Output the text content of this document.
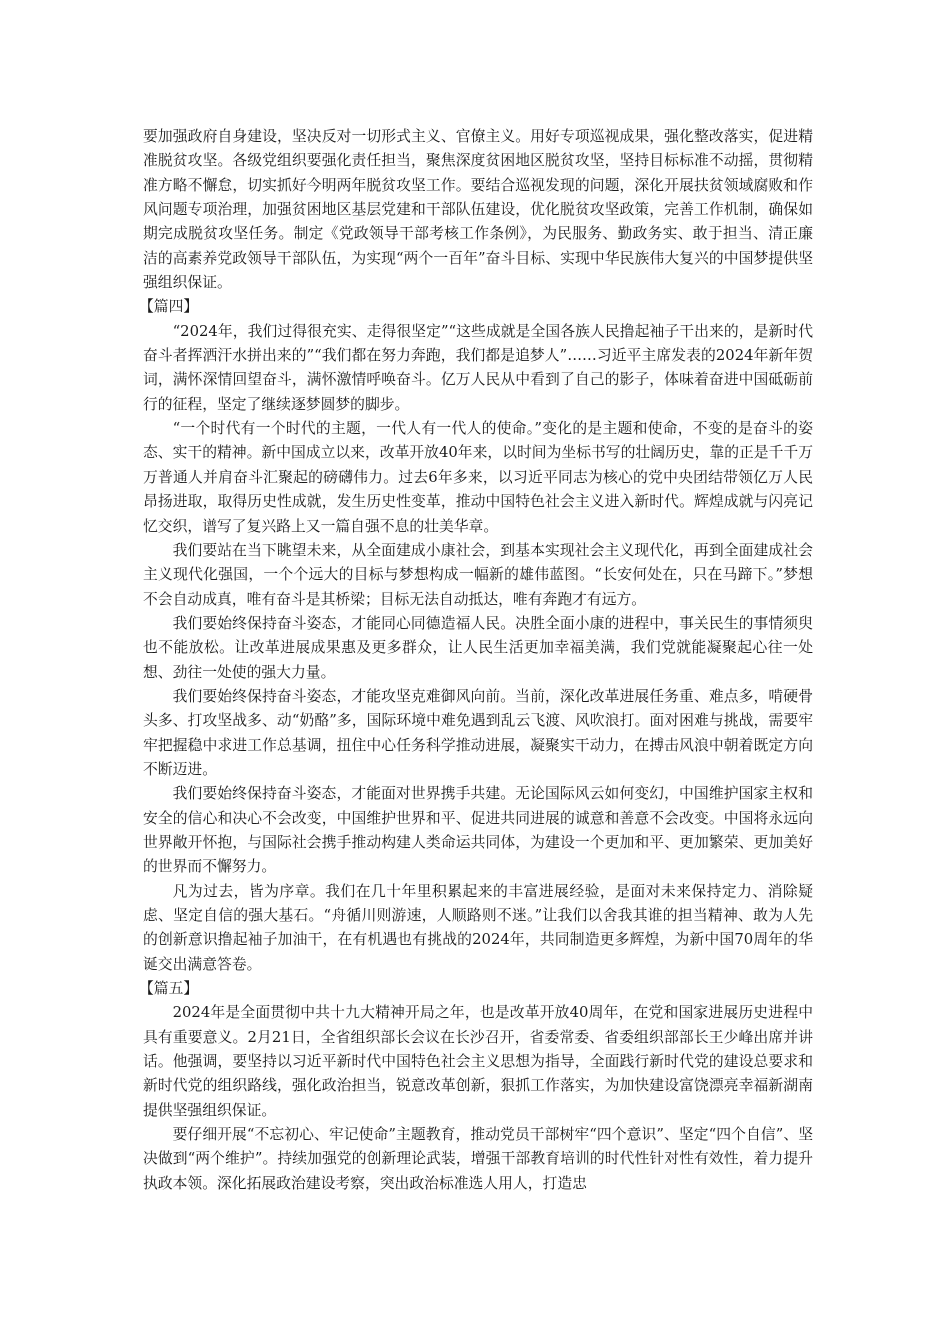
要加强政府自身建设，坚决反对一切形式主义、官僚主义。用好专项巡视成果，强化整改落实，促进精准脱贫攻坚。各级党组织要强化责任担当，聚焦深度贫困地区脱贫攻坚，坚持目标标准不动摇，贯彻精准方略不懈怠，切实抓好今明两年脱贫攻坚工作。要结合巡视发现的问题，深化开展扶贫领域腐败和作风问题专项治理，加强贫困地区基层党建和干部队伍建设，优化脱贫攻坚政策，完善工作机制，确保如期完成脱贫攻坚任务。制定《党政领导干部考核工作条例》，为民服务、勤政务实、敢于担当、清正廉洁的高素养党政领导干部队伍，为实现“两个一百年”奋斗目标、实现中华民族伟大复兴的中国梦提供坚强组织保证。

【篇四】

“2024年，我们过得很充实、走得很坚定”“这些成就是全国各族人民撸起袖子干出来的，是新时代奋斗者挥洒汗水拼出来的”“我们都在努力奔跑，我们都是追梦人”……习近平主席发表的2024年新年贺词，满怀深情回望奋斗，满怀激情呼唤奋斗。亿万人民从中看到了自己的影子，体味着奋进中国砥砺前行的征程，坚定了继续逐梦圆梦的脚步。

“一个时代有一个时代的主题，一代人有一代人的使命。”变化的是主题和使命，不变的是奋斗的姿态、实干的精神。新中国成立以来，改革开放40年来，以时间为坐标书写的壮阔历史，靠的正是千千万万普通人并肩奋斗汇聚起的磅礴伟力。过去6年多来，以习近平同志为核心的党中央团结带领亿万人民昂扬进取，取得历史性成就，发生历史性变革，推动中国特色社会主义进入新时代。辉煌成就与闪亮记忆交织，谱写了复兴路上又一篇自强不息的壮美华章。

我们要站在当下眺望未来，从全面建成小康社会，到基本实现社会主义现代化，再到全面建成社会主义现代化强国，一个个远大的目标与梦想构成一幅新的雄伟蓝图。“长安何处在，只在马蹄下。”梦想不会自动成真，唯有奋斗是其桥梁；目标无法自动抵达，唯有奔跑才有远方。

我们要始终保持奋斗姿态，才能同心同德造福人民。决胜全面小康的进程中，事关民生的事情须臾也不能放松。让改革进展成果惠及更多群众，让人民生活更加幸福美满，我们党就能凝聚起心往一处想、劲往一处使的强大力量。

我们要始终保持奋斗姿态，才能攻坚克难御风向前。当前，深化改革进展任务重、难点多，啃硬骨头多、打攻坚战多、动“奶酪”多，国际环境中难免遇到乱云飞渡、风吹浪打。面对困难与挑战，需要牢牢把握稳中求进工作总基调，扭住中心任务科学推动进展，凝聚实干动力，在搏击风浪中朝着既定方向不断迈进。

我们要始终保持奋斗姿态，才能面对世界携手共建。无论国际风云如何变幻，中国维护国家主权和安全的信心和决心不会改变，中国维护世界和平、促进共同进展的诚意和善意不会改变。中国将永远向世界敞开怀抱，与国际社会携手推动构建人类命运共同体，为建设一个更加和平、更加繁荣、更加美好的世界而不懈努力。

凡为过去，皆为序章。我们在几十年里积累起来的丰富进展经验，是面对未来保持定力、消除疑虑、坚定自信的强大基石。“舟循川则游速，人顺路则不迷。”让我们以舍我其谁的担当精神、敢为人先的创新意识撸起袖子加油干，在有机遇也有挑战的2024年，共同制造更多辉煌，为新中国70周年的华诞交出满意答卷。

【篇五】

2024年是全面贯彻中共十九大精神开局之年，也是改革开放40周年，在党和国家进展历史进程中具有重要意义。2月21日，全省组织部长会议在长沙召开，省委常委、省委组织部部长王少峰出席并讲话。他强调，要坚持以习近平新时代中国特色社会主义思想为指导，全面践行新时代党的建设总要求和新时代党的组织路线，强化政治担当，锐意改革创新，狠抓工作落实，为加快建设富饶漂亮幸福新湖南提供坚强组织保证。

要仔细开展“不忘初心、牢记使命”主题教育，推动党员干部树牢“四个意识”、坚定“四个自信”、坚决做到“两个维护”。持续加强党的创新理论武装，增强干部教育培训的时代性针对性有效性，着力提升执政本领。深化拓展政治建设考察，突出政治标准选人用人，打造忠
